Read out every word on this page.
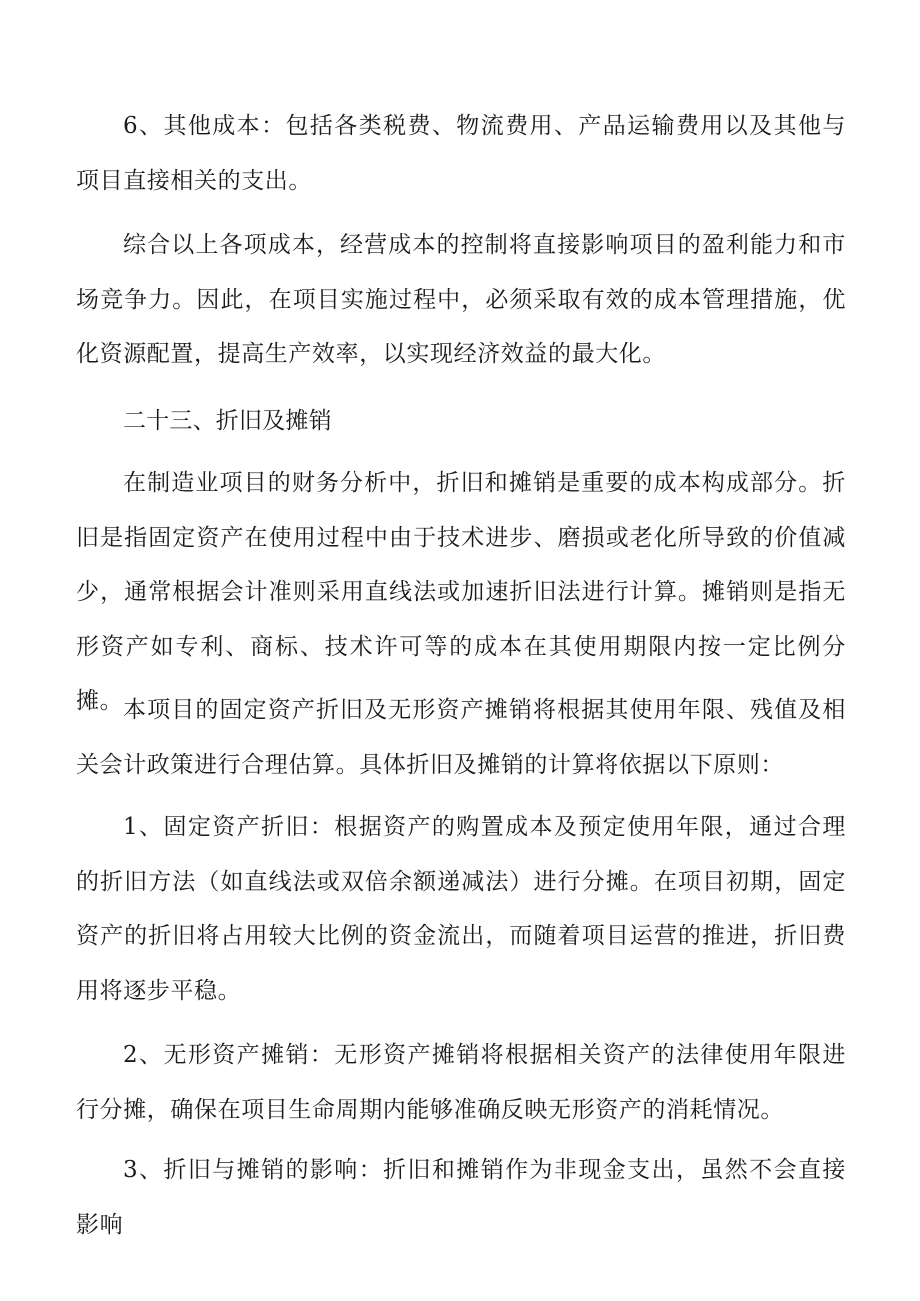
6、其他成本：包括各类税费、物流费用、产品运输费用以及其他与项目直接相关的支出。

综合以上各项成本，经营成本的控制将直接影响项目的盈利能力和市场竞争力。因此，在项目实施过程中，必须采取有效的成本管理措施，优化资源配置，提高生产效率，以实现经济效益的最大化。

二十三、折旧及摊销

在制造业项目的财务分析中，折旧和摊销是重要的成本构成部分。折旧是指固定资产在使用过程中由于技术进步、磨损或老化所导致的价值减少，通常根据会计准则采用直线法或加速折旧法进行计算。摊销则是指无形资产如专利、商标、技术许可等的成本在其使用期限内按一定比例分摊。 本项目的固定资产折旧及无形资产摊销将根据其使用年限、残值及相关会计政策进行合理估算。具体折旧及摊销的计算将依据以下原则：

1、固定资产折旧：根据资产的购置成本及预定使用年限，通过合理的折旧方法（如直线法或双倍余额递减法）进行分摊。在项目初期，固定资产的折旧将占用较大比例的资金流出，而随着项目运营的推进，折旧费用将逐步平稳。

2、无形资产摊销：无形资产摊销将根据相关资产的法律使用年限进行分摊，确保在项目生命周期内能够准确反映无形资产的消耗情况。

3、折旧与摊销的影响：折旧和摊销作为非现金支出，虽然不会直接影响
